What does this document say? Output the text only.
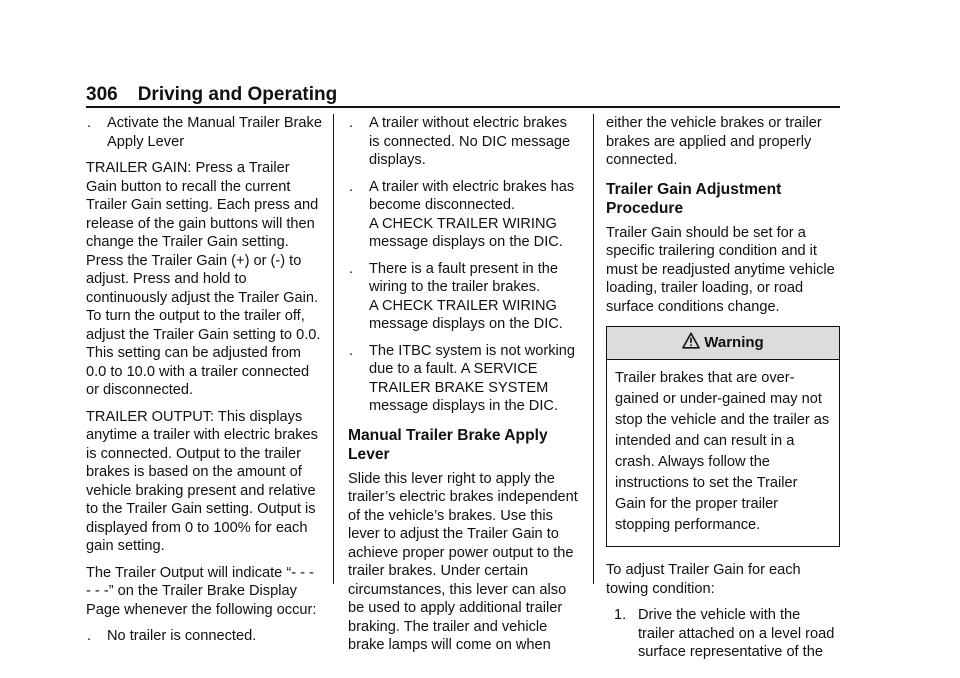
306 Driving and Operating
.	Activate the Manual Trailer Brake Apply Lever

TRAILER GAIN: Press a Trailer Gain button to recall the current Trailer Gain setting. Each press and release of the gain buttons will then change the Trailer Gain setting. Press the Trailer Gain (+) or (-) to adjust. Press and hold to continuously adjust the Trailer Gain. To turn the output to the trailer off, adjust the Trailer Gain setting to 0.0. This setting can be adjusted from 0.0 to 10.0 with a trailer connected or disconnected.

TRAILER OUTPUT: This displays anytime a trailer with electric brakes is connected. Output to the trailer brakes is based on the amount of vehicle braking present and relative to the Trailer Gain setting. Output is displayed from 0 to 100% for each gain setting.

The Trailer Output will indicate “- - - - - -” on the Trailer Brake Display Page whenever the following occur:

.	No trailer is connected.
.	A trailer without electric brakes is connected. No DIC message displays.
.	A trailer with electric brakes has become disconnected.
A CHECK TRAILER WIRING message displays on the DIC.
.	There is a fault present in the wiring to the trailer brakes.
A CHECK TRAILER WIRING message displays on the DIC.
.	The ITBC system is not working due to a fault. A SERVICE TRAILER BRAKE SYSTEM message displays in the DIC.
Manual Trailer Brake Apply Lever

Slide this lever right to apply the trailer’s electric brakes independent of the vehicle’s brakes. Use this lever to adjust the Trailer Gain to achieve proper power output to the trailer brakes. Under certain circumstances, this lever can also be used to apply additional trailer braking. The trailer and vehicle brake lamps will come on when

either the vehicle brakes or trailer brakes are applied and properly connected.

Trailer Gain Adjustment Procedure

Trailer Gain should be set for a specific trailering condition and it must be readjusted anytime vehicle loading, trailer loading, or road surface conditions change.

Warning
Trailer brakes that are over-gained or under-gained may not stop the vehicle and the trailer as intended and can result in a crash. Always follow the instructions to set the Trailer Gain for the proper trailer stopping performance.

To adjust Trailer Gain for each towing condition:

1. Drive the vehicle with the trailer attached on a level road surface representative of the
